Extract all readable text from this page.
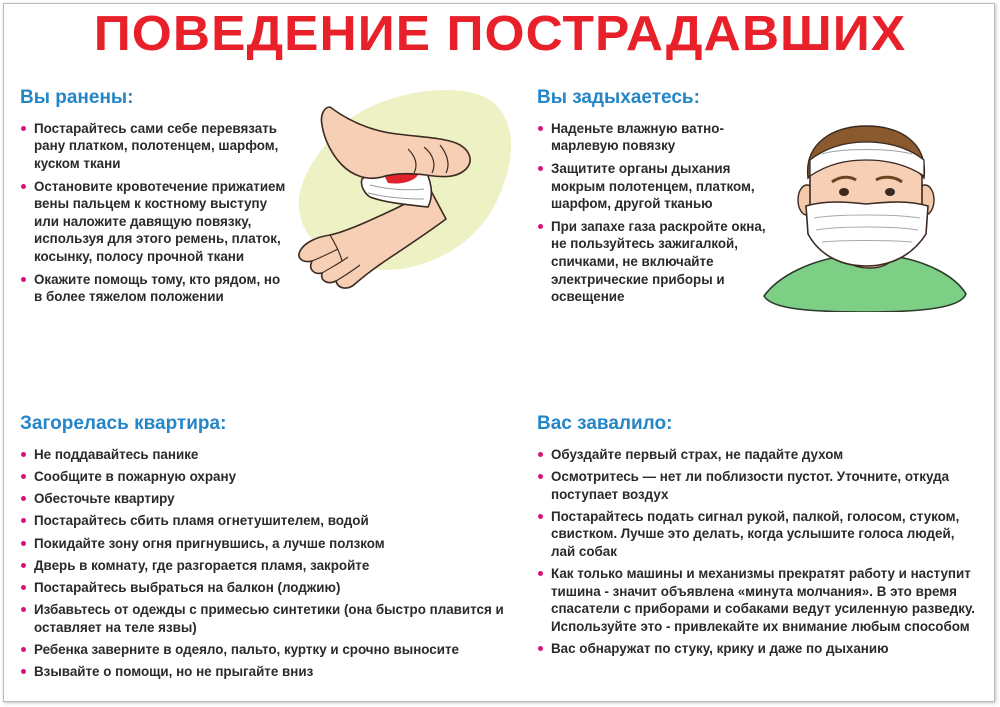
ПОВЕДЕНИЕ ПОСТРАДАВШИХ
Вы ранены:
Постарайтесь сами себе перевязать рану платком, полотенцем, шарфом, куском ткани
Остановите кровотечение прижатием вены пальцем к костному выступу или наложите давящую повязку, используя для этого ремень, платок, косынку, полосу прочной ткани
Окажите помощь тому, кто рядом, но в более тяжелом положении
Вы задыхаетесь:
Наденьте влажную ватно-марлевую повязку
Защитите органы дыхания мокрым полотенцем, платком, шарфом, другой тканью
При запахе газа раскройте окна, не пользуйтесь зажигалкой, спичками, не включайте электрические приборы и освещение
Загорелась квартира:
Не поддавайтесь панике
Сообщите в пожарную охрану
Обесточьте квартиру
Постарайтесь сбить пламя огнетушителем, водой
Покидайте зону огня пригнувшись, а лучше ползком
Дверь в комнату, где разгорается пламя, закройте
Постарайтесь выбраться на балкон (лоджию)
Избавьтесь от одежды с примесью синтетики (она быстро плавится и оставляет на теле язвы)
Ребенка заверните в одеяло, пальто, куртку и срочно выносите
Взывайте о помощи, но не прыгайте вниз
Вас завалило:
Обуздайте первый страх, не падайте духом
Осмотритесь — нет ли поблизости пустот. Уточните, откуда поступает воздух
Постарайтесь подать сигнал рукой, палкой, голосом, стуком, свистком. Лучше это делать, когда услышите голоса людей, лай собак
Как только машины и механизмы прекратят работу и наступит тишина - значит объявлена «минута молчания». В это время спасатели с приборами и собаками ведут усиленную разведку. Используйте это - привлекайте их внимание любым способом
Вас обнаружат по стуку, крику и даже по дыханию
